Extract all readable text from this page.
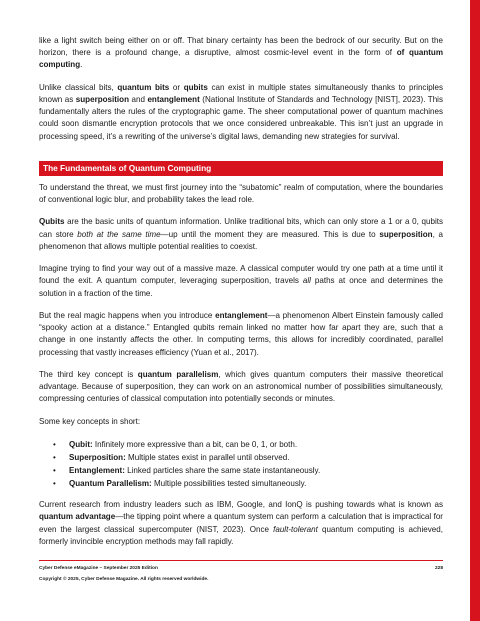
like a light switch being either on or off. That binary certainty has been the bedrock of our security. But on the horizon, there is a profound change, a disruptive, almost cosmic-level event in the form of of quantum computing.

Unlike classical bits, quantum bits or qubits can exist in multiple states simultaneously thanks to principles known as superposition and entanglement (National Institute of Standards and Technology [NIST], 2023). This fundamentally alters the rules of the cryptographic game. The sheer computational power of quantum machines could soon dismantle encryption protocols that we once considered unbreakable. This isn’t just an upgrade in processing speed, it’s a rewriting of the universe’s digital laws, demanding new strategies for survival.

The Fundamentals of Quantum Computing

To understand the threat, we must first journey into the “subatomic” realm of computation, where the boundaries of conventional logic blur, and probability takes the lead role.

Qubits are the basic units of quantum information. Unlike traditional bits, which can only store a 1 or a 0, qubits can store both at the same time—up until the moment they are measured. This is due to superposition, a phenomenon that allows multiple potential realities to coexist.

Imagine trying to find your way out of a massive maze. A classical computer would try one path at a time until it found the exit. A quantum computer, leveraging superposition, travels all paths at once and determines the solution in a fraction of the time.

But the real magic happens when you introduce entanglement—a phenomenon Albert Einstein famously called “spooky action at a distance.” Entangled qubits remain linked no matter how far apart they are, such that a change in one instantly affects the other. In computing terms, this allows for incredibly coordinated, parallel processing that vastly increases efficiency (Yuan et al., 2017).

The third key concept is quantum parallelism, which gives quantum computers their massive theoretical advantage. Because of superposition, they can work on an astronomical number of possibilities simultaneously, compressing centuries of classical computation into potentially seconds or minutes.

Some key concepts in short:

• Qubit: Infinitely more expressive than a bit, can be 0, 1, or both.
• Superposition: Multiple states exist in parallel until observed.
• Entanglement: Linked particles share the same state instantaneously.
• Quantum Parallelism: Multiple possibilities tested simultaneously.

Current research from industry leaders such as IBM, Google, and IonQ is pushing towards what is known as quantum advantage—the tipping point where a quantum system can perform a calculation that is impractical for even the largest classical supercomputer (NIST, 2023). Once fault-tolerant quantum computing is achieved, formerly invincible encryption methods may fall rapidly.

Cyber Defense eMagazine – September 2025 Edition	228
Copyright © 2025, Cyber Defense Magazine. All rights reserved worldwide.
